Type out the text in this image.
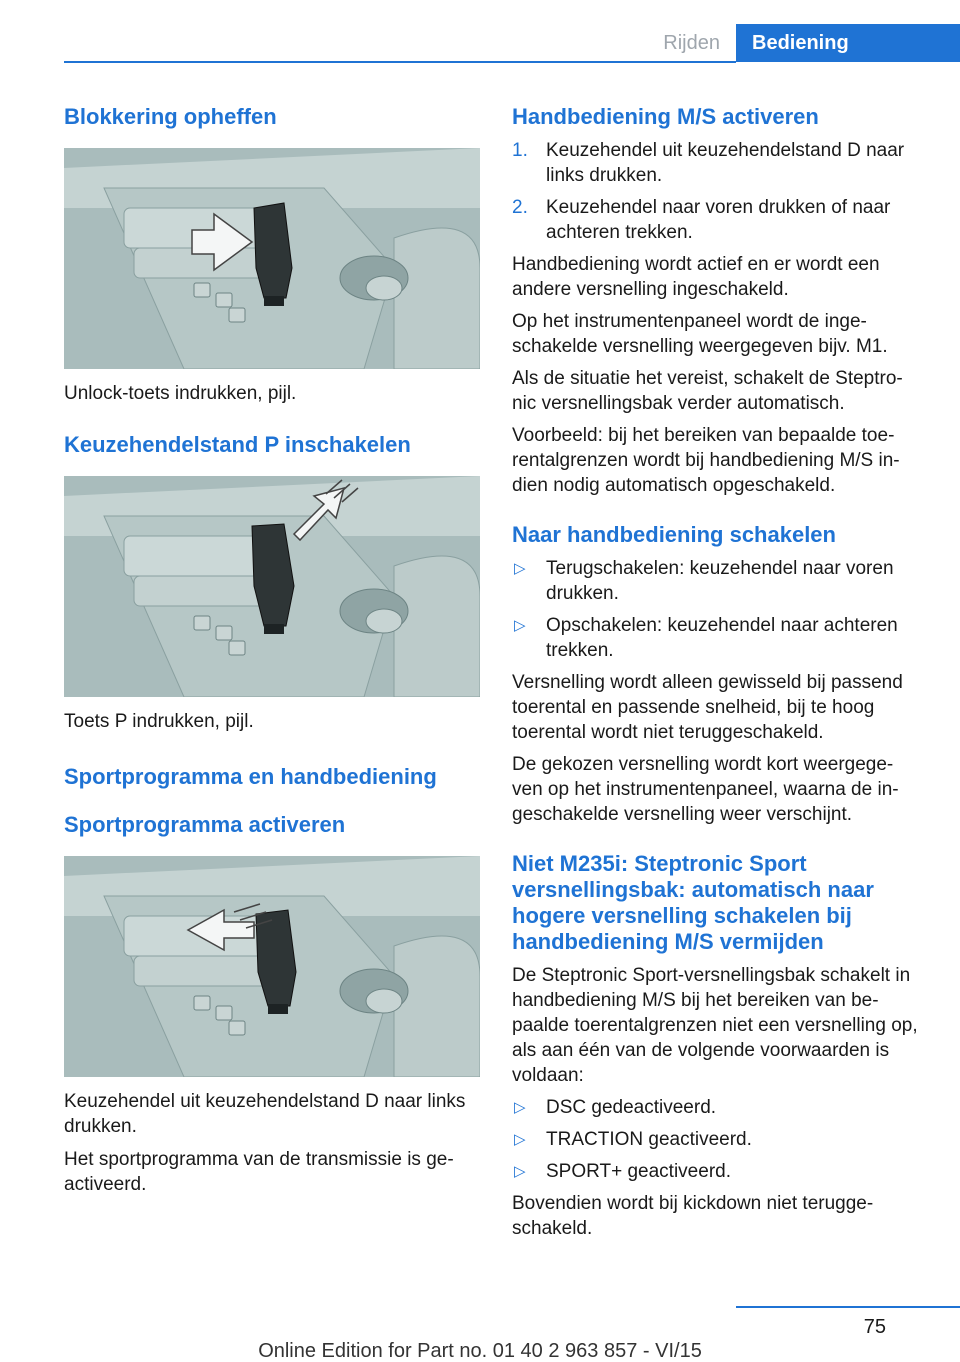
Rijden	Bediening
Blokkering opheffen

Unlock-toets indrukken, pijl.

Keuzehendelstand P inschakelen

Toets P indrukken, pijl.

Sportprogramma en handbediening
Sportprogramma activeren

Keuzehendel uit keuzehendelstand D naar links drukken.

Het sportprogramma van de transmissie is ge‐ activeerd.

Handbediening M/S activeren
1. Keuzehendel uit keuzehendelstand D naar links drukken.
2. Keuzehendel naar voren drukken of naar achteren trekken.

Handbediening wordt actief en er wordt een andere versnelling ingeschakeld.

Op het instrumentenpaneel wordt de inge‐ schakelde versnelling weergegeven bijv. M1.

Als de situatie het vereist, schakelt de Steptro‐ nic versnellingsbak verder automatisch.

Voorbeeld: bij het bereiken van bepaalde toe‐ rentalgrenzen wordt bij handbediening M/S in‐ dien nodig automatisch opgeschakeld.

Naar handbediening schakelen
▷ Terugschakelen: keuzehendel naar voren drukken.
▷ Opschakelen: keuzehendel naar achteren trekken.

Versnelling wordt alleen gewisseld bij passend toerental en passende snelheid, bij te hoog toerental wordt niet teruggeschakeld.

De gekozen versnelling wordt kort weergege‐ ven op het instrumentenpaneel, waarna de in‐ geschakelde versnelling weer verschijnt.

Niet M235i: Steptronic Sport versnellingsbak: automatisch naar hogere versnelling schakelen bij handbediening M/S vermijden

De Steptronic Sport-versnellingsbak schakelt in handbediening M/S bij het bereiken van be‐ paalde toerentalgrenzen niet een versnelling op, als aan één van de volgende voorwaarden is voldaan:

▷ DSC gedeactiveerd.
▷ TRACTION geactiveerd.
▷ SPORT+ geactiveerd.

Bovendien wordt bij kickdown niet terugge‐ schakeld.

75
Online Edition for Part no. 01 40 2 963 857 - VI/15
